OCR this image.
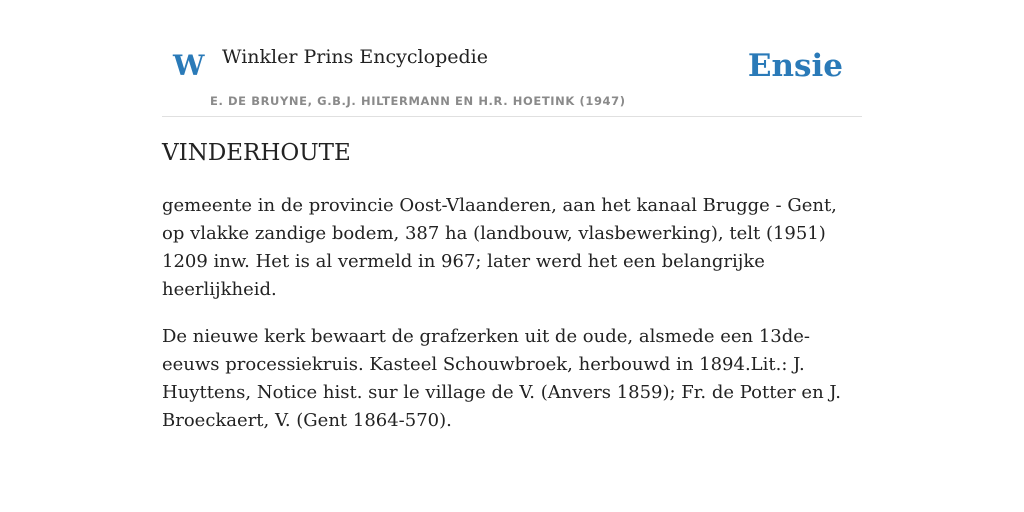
W Winkler Prins Encyclopedie
E. DE BRUYNE, G.B.J. HILTERMANN EN H.R. HOETINK (1947)
Ensie
VINDERHOUTE

gemeente in de provincie Oost-Vlaanderen, aan het kanaal Brugge - Gent, op vlakke zandige bodem, 387 ha (landbouw, vlasbewerking), telt (1951) 1209 inw. Het is al vermeld in 967; later werd het een belangrijke heerlijkheid.

De nieuwe kerk bewaart de grafzerken uit de oude, alsmede een 13de-eeuws processiekruis. Kasteel Schouwbroek, herbouwd in 1894.Lit.: J. Huyttens, Notice hist. sur le village de V. (Anvers 1859); Fr. de Potter en J. Broeckaert, V. (Gent 1864-570).
